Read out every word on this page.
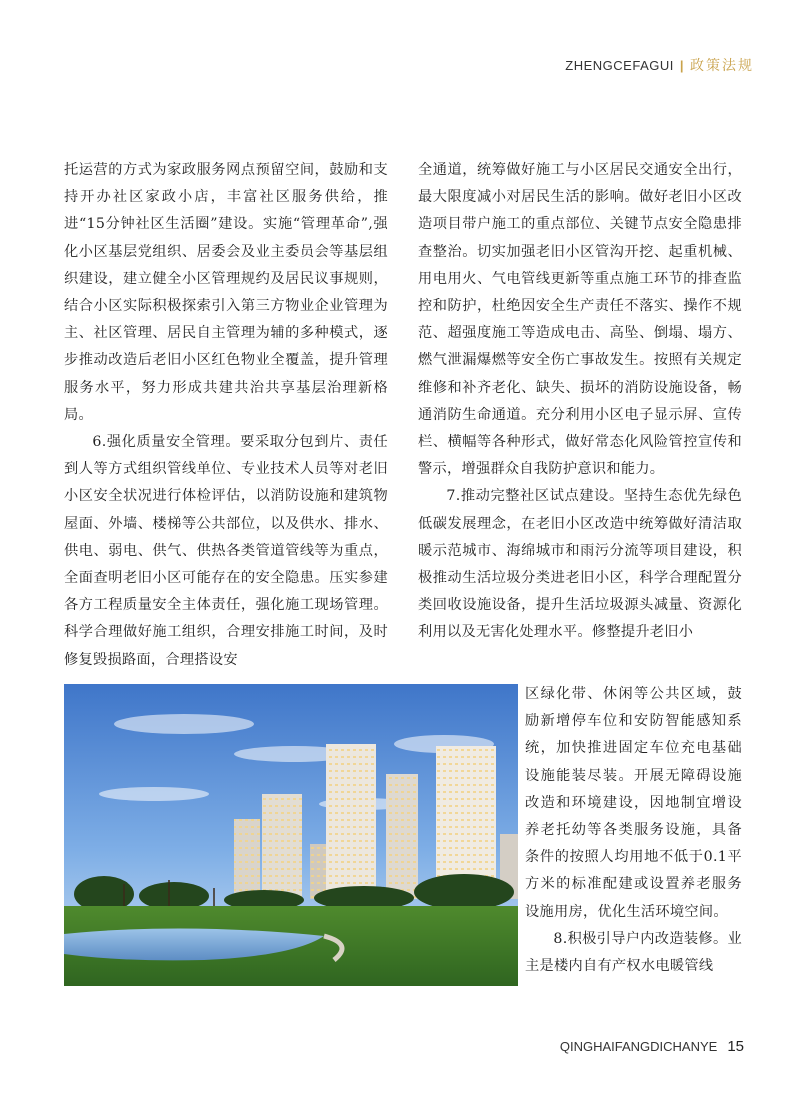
ZHENGCEFAGUI | 政策法规

托运营的方式为家政服务网点预留空间，鼓励和支持开办社区家政小店，丰富社区服务供给，推进“15分钟社区生活圈”建设。实施“管理革命”,强化小区基层党组织、居委会及业主委员会等基层组织建设，建立健全小区管理规约及居民议事规则，结合小区实际积极探索引入第三方物业企业管理为主、社区管理、居民自主管理为辅的多种模式，逐步推动改造后老旧小区红色物业全覆盖，提升管理服务水平，努力形成共建共治共享基层治理新格局。

6.强化质量安全管理。要采取分包到片、责任到人等方式组织管线单位、专业技术人员等对老旧小区安全状况进行体检评估，以消防设施和建筑物屋面、外墙、楼梯等公共部位，以及供水、排水、供电、弱电、供气、供热各类管道管线等为重点，全面查明老旧小区可能存在的安全隐患。压实参建各方工程质量安全主体责任，强化施工现场管理。科学合理做好施工组织，合理安排施工时间，及时修复毁损路面，合理搭设安

全通道，统筹做好施工与小区居民交通安全出行，最大限度减小对居民生活的影响。做好老旧小区改造项目带户施工的重点部位、关键节点安全隐患排查整治。切实加强老旧小区管沟开挖、起重机械、用电用火、气电管线更新等重点施工环节的排查监控和防护，杜绝因安全生产责任不落实、操作不规范、超强度施工等造成电击、高坠、倒塌、塌方、燃气泄漏爆燃等安全伤亡事故发生。按照有关规定维修和补齐老化、缺失、损坏的消防设施设备，畅通消防生命通道。充分利用小区电子显示屏、宣传栏、横幅等各种形式，做好常态化风险管控宣传和警示，增强群众自我防护意识和能力。

7.推动完整社区试点建设。坚持生态优先绿色低碳发展理念，在老旧小区改造中统筹做好清洁取暖示范城市、海绵城市和雨污分流等项目建设，积极推动生活垃圾分类进老旧小区，科学合理配置分类回收设施设备，提升生活垃圾源头减量、资源化利用以及无害化处理水平。修整提升老旧小

区绿化带、休闲等公共区域，鼓励新增停车位和安防智能感知系统，加快推进固定车位充电基础设施能装尽装。开展无障碍设施改造和环境建设，因地制宜增设养老托幼等各类服务设施，具备条件的按照人均用地不低于0.1平方米的标准配建或设置养老服务设施用房，优化生活环境空间。

8.积极引导户内改造装修。业主是楼内自有产权水电暖管线

QINGHAIFANGDICHANYE 15
